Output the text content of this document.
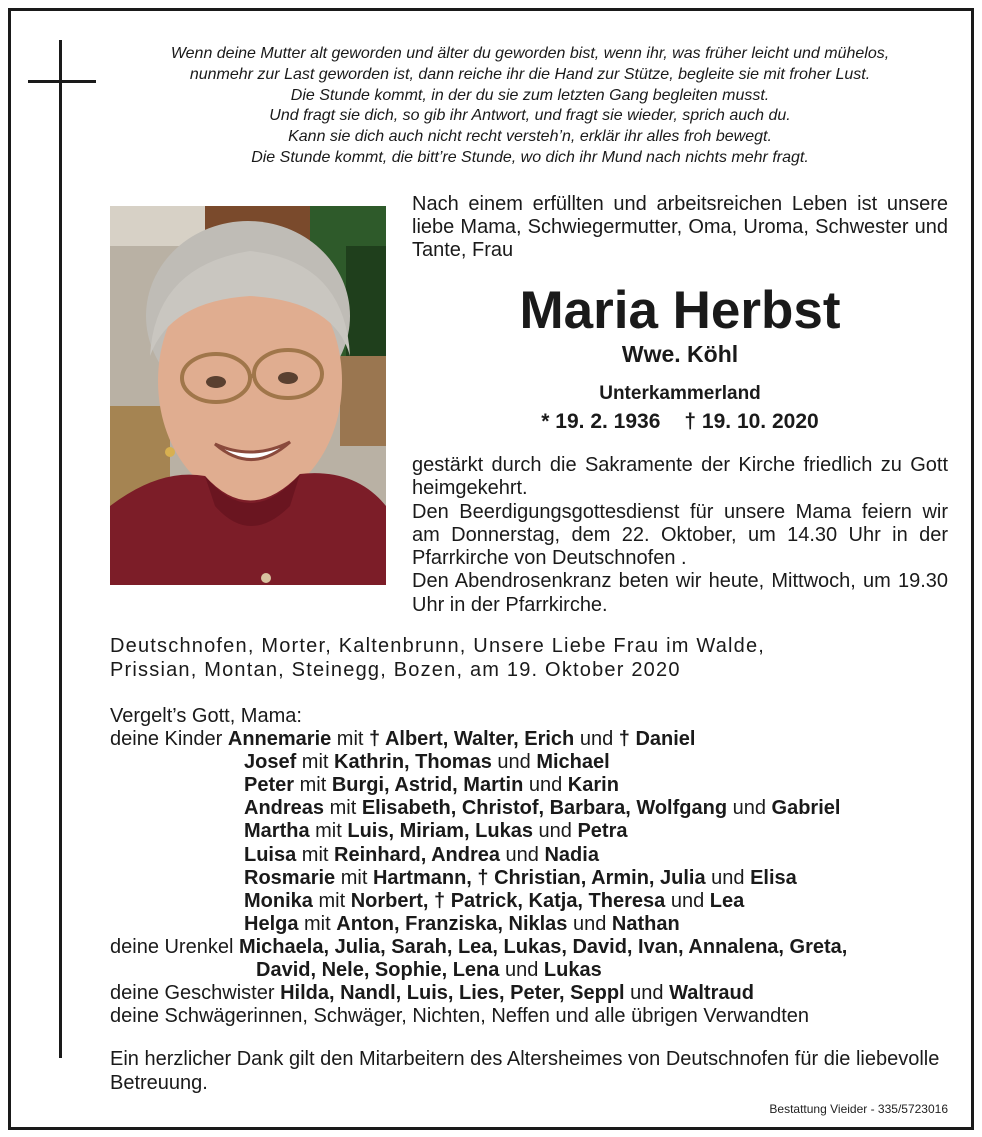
Wenn deine Mutter alt geworden und älter du geworden bist, wenn ihr, was früher leicht und mühelos,
nunmehr zur Last geworden ist, dann reiche ihr die Hand zur Stütze, begleite sie mit froher Lust.
Die Stunde kommt, in der du sie zum letzten Gang begleiten musst.
Und fragt sie dich, so gib ihr Antwort, und fragt sie wieder, sprich auch du.
Kann sie dich auch nicht recht versteh’n, erklär ihr alles froh bewegt.
Die Stunde kommt, die bitt’re Stunde, wo dich ihr Mund nach nichts mehr fragt.
Nach einem erfüllten und arbeitsreichen Leben ist unsere liebe Mama, Schwiegermutter, Oma, Uroma, Schwester und Tante, Frau
Maria Herbst
Wwe. Köhl
Unterkammerland
* 19. 2. 1936 † 19. 10. 2020

gestärkt durch die Sakramente der Kirche friedlich zu Gott heimgekehrt.

Den Beerdigungsgottesdienst für unsere Mama feiern wir am Donnerstag, dem 22. Oktober, um 14.30 Uhr in der Pfarrkirche von Deutschnofen .

Den Abendrosenkranz beten wir heute, Mittwoch, um 19.30 Uhr in der Pfarrkirche.

Deutschnofen, Morter, Kaltenbrunn, Unsere Liebe Frau im Walde,
Prissian, Montan, Steinegg, Bozen, am 19. Oktober 2020
Vergelt’s Gott, Mama:
deine Kinder Annemarie mit † Albert, Walter, Erich und † Daniel
Josef mit Kathrin, Thomas und Michael
Peter mit Burgi, Astrid, Martin und Karin
Andreas mit Elisabeth, Christof, Barbara, Wolfgang und Gabriel
Martha mit Luis, Miriam, Lukas und Petra
Luisa mit Reinhard, Andrea und Nadia
Rosmarie mit Hartmann, † Christian, Armin, Julia und Elisa
Monika mit Norbert, † Patrick, Katja, Theresa und Lea
Helga mit Anton, Franziska, Niklas und Nathan
deine Urenkel Michaela, Julia, Sarah, Lea, Lukas, David, Ivan, Annalena, Greta,
David, Nele, Sophie, Lena und Lukas
deine Geschwister Hilda, Nandl, Luis, Lies, Peter, Seppl und Waltraud
deine Schwägerinnen, Schwäger, Nichten, Neffen und alle übrigen Verwandten
Ein herzlicher Dank gilt den Mitarbeitern des Altersheimes von Deutschnofen für die liebevolle Betreuung.
Bestattung Vieider - 335/5723016
